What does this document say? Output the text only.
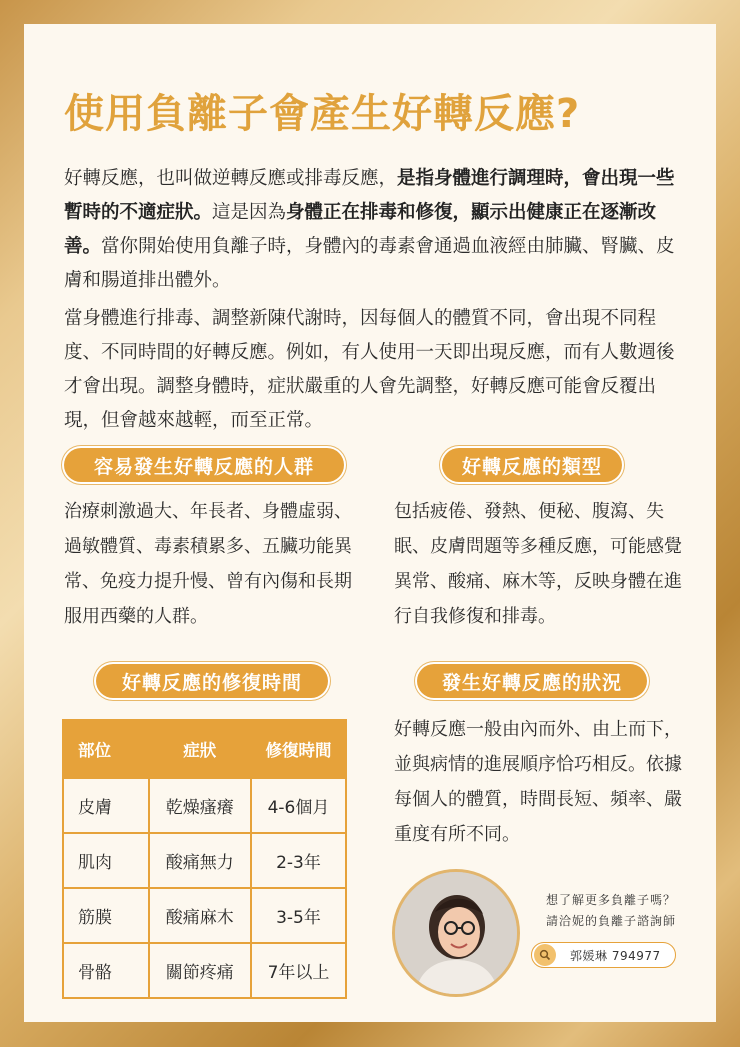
使用負離子會產生好轉反應?

好轉反應，也叫做逆轉反應或排毒反應，是指身體進行調理時，會出現一些暫時的不適症狀。這是因為身體正在排毒和修復，顯示出健康正在逐漸改善。當你開始使用負離子時，身體內的毒素會通過血液經由肺臟、腎臟、皮膚和腸道排出體外。

當身體進行排毒、調整新陳代謝時，因每個人的體質不同，會出現不同程度、不同時間的好轉反應。例如，有人使用一天即出現反應，而有人數週後才會出現。調整身體時，症狀嚴重的人會先調整，好轉反應可能會反覆出現，但會越來越輕，而至正常。

容易發生好轉反應的人群

治療刺激過大、年長者、身體虛弱、過敏體質、毒素積累多、五臟功能異常、免疫力提升慢、曾有內傷和長期服用西藥的人群。

好轉反應的類型

包括疲倦、發熱、便秘、腹瀉、失眠、皮膚問題等多種反應，可能感覺異常、酸痛、麻木等，反映身體在進行自我修復和排毒。

好轉反應的修復時間
部位	症狀	修復時間
皮膚	乾燥瘙癢	4-6個月
肌肉	酸痛無力	2-3年
筋膜	酸痛麻木	3-5年
骨骼	關節疼痛	7年以上
發生好轉反應的狀況

好轉反應一般由內而外、由上而下，並與病情的進展順序恰巧相反。依據每個人的體質，時間長短、頻率、嚴重度有所不同。

想了解更多負離子嗎？
請洽妮的負離子諮詢師

郭媛琳 794977
